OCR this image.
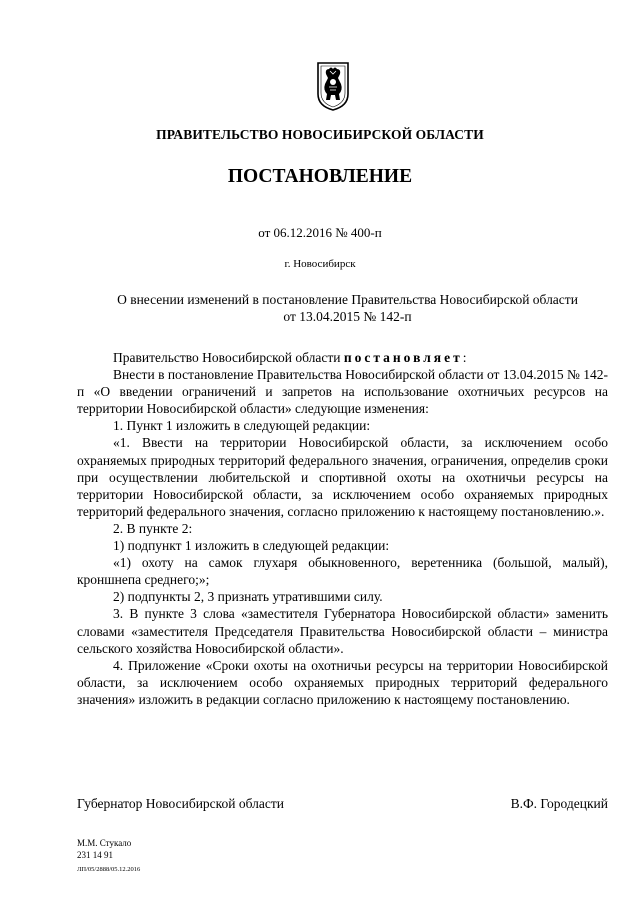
ПРАВИТЕЛЬСТВО НОВОСИБИРСКОЙ ОБЛАСТИ
ПОСТАНОВЛЕНИЕ
от 06.12.2016 № 400-п
г. Новосибирск
О внесении изменений в постановление Правительства Новосибирской области
от 13.04.2015 № 142-п

Правительство Новосибирской области постановляет:

Внести в постановление Правительства Новосибирской области от 13.04.2015 № 142-п «О введении ограничений и запретов на использование охотничьих ресурсов на территории Новосибирской области» следующие изменения:

1. Пункт 1 изложить в следующей редакции:

«1. Ввести на территории Новосибирской области, за исключением особо охраняемых природных территорий федерального значения, ограничения, определив сроки при осуществлении любительской и спортивной охоты на охотничьи ресурсы на территории Новосибирской области, за исключением особо охраняемых природных территорий федерального значения, согласно приложению к настоящему постановлению.».

2. В пункте 2:

1) подпункт 1 изложить в следующей редакции:

«1) охоту на самок глухаря обыкновенного, веретенника (большой, малый), кроншнепа среднего;»;

2) подпункты 2, 3 признать утратившими силу.

3. В пункте 3 слова «заместителя Губернатора Новосибирской области» заменить словами «заместителя Председателя Правительства Новосибирской области – министра сельского хозяйства Новосибирской области».

4. Приложение «Сроки охоты на охотничьи ресурсы на территории Новосибирской области, за исключением особо охраняемых природных территорий федерального значения» изложить в редакции согласно приложению к настоящему постановлению.

Губернатор Новосибирской области	В.Ф. Городецкий
М.М. Стукало
231 14 91
ЛП/05/2888/05.12.2016
